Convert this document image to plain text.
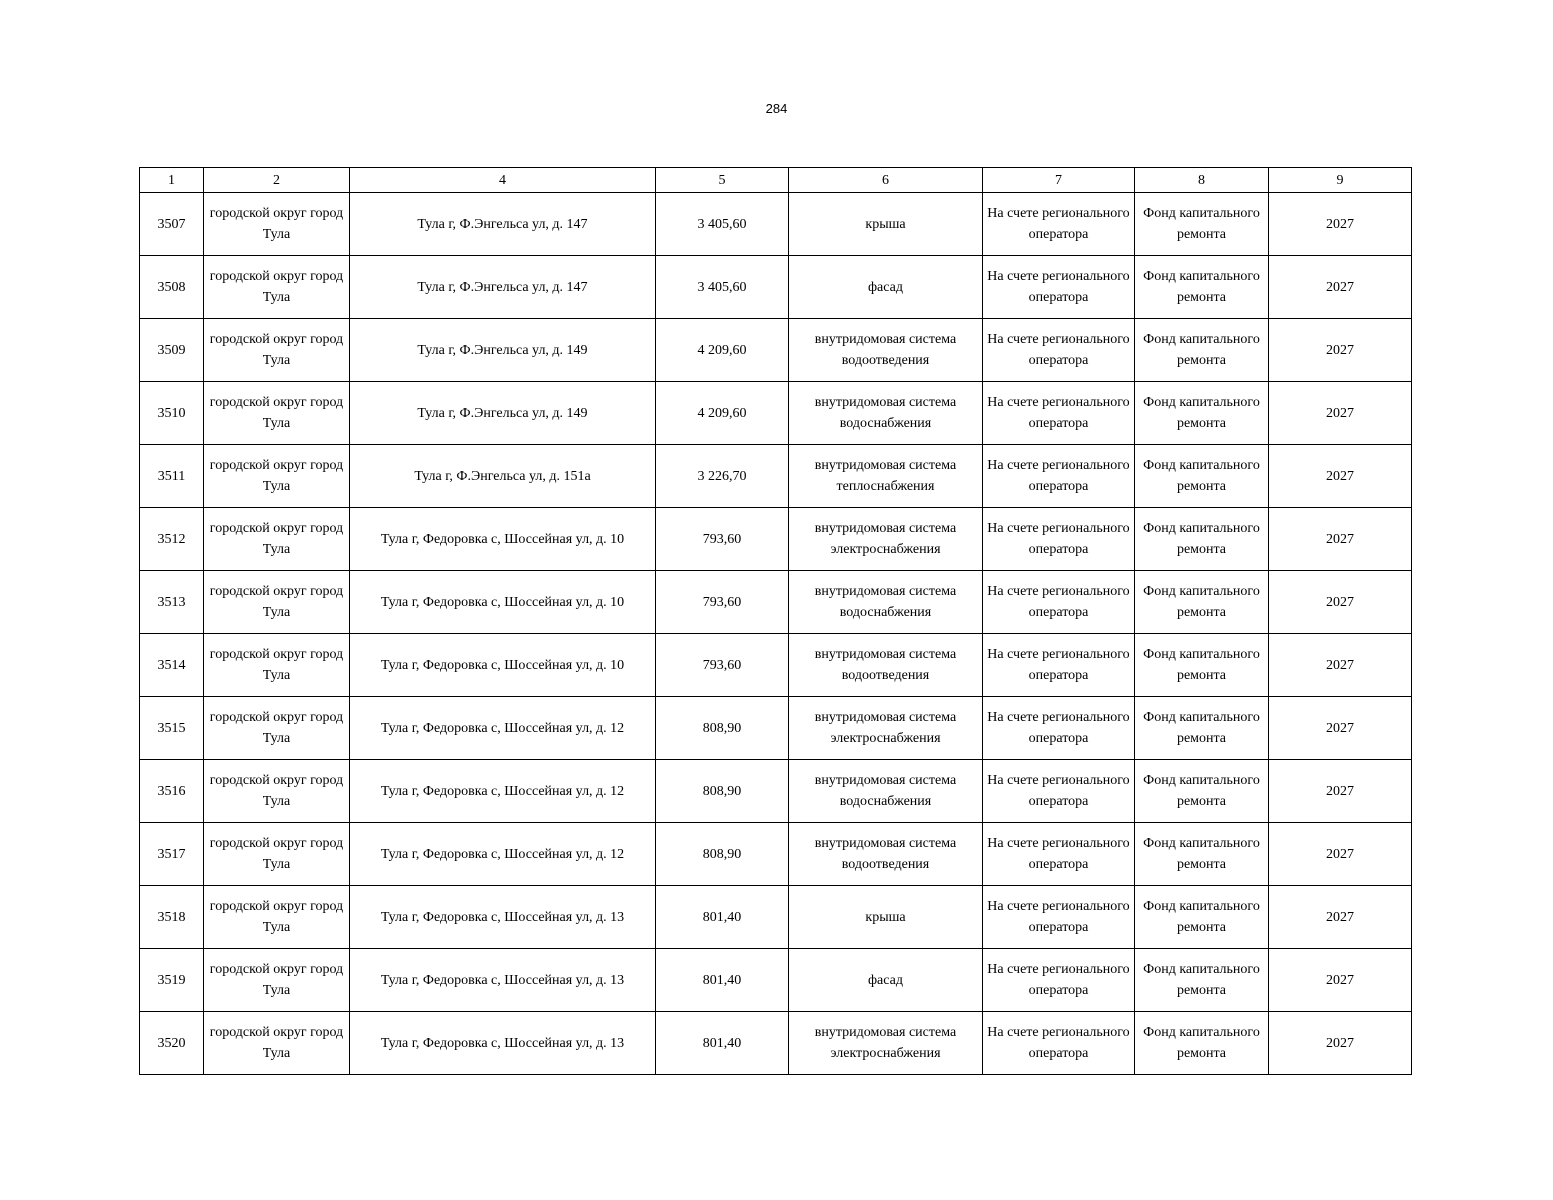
284
1	2	4	5	6	7	8	9
3507	городской округ город Тула	Тула г, Ф.Энгельса ул, д. 147	3 405,60	крыша	На счете регионального оператора	Фонд капитального ремонта	2027
3508	городской округ город Тула	Тула г, Ф.Энгельса ул, д. 147	3 405,60	фасад	На счете регионального оператора	Фонд капитального ремонта	2027
3509	городской округ город Тула	Тула г, Ф.Энгельса ул, д. 149	4 209,60	внутридомовая система водоотведения	На счете регионального оператора	Фонд капитального ремонта	2027
3510	городской округ город Тула	Тула г, Ф.Энгельса ул, д. 149	4 209,60	внутридомовая система водоснабжения	На счете регионального оператора	Фонд капитального ремонта	2027
3511	городской округ город Тула	Тула г, Ф.Энгельса ул, д. 151а	3 226,70	внутридомовая система теплоснабжения	На счете регионального оператора	Фонд капитального ремонта	2027
3512	городской округ город Тула	Тула г, Федоровка с, Шоссейная ул, д. 10	793,60	внутридомовая система электроснабжения	На счете регионального оператора	Фонд капитального ремонта	2027
3513	городской округ город Тула	Тула г, Федоровка с, Шоссейная ул, д. 10	793,60	внутридомовая система водоснабжения	На счете регионального оператора	Фонд капитального ремонта	2027
3514	городской округ город Тула	Тула г, Федоровка с, Шоссейная ул, д. 10	793,60	внутридомовая система водоотведения	На счете регионального оператора	Фонд капитального ремонта	2027
3515	городской округ город Тула	Тула г, Федоровка с, Шоссейная ул, д. 12	808,90	внутридомовая система электроснабжения	На счете регионального оператора	Фонд капитального ремонта	2027
3516	городской округ город Тула	Тула г, Федоровка с, Шоссейная ул, д. 12	808,90	внутридомовая система водоснабжения	На счете регионального оператора	Фонд капитального ремонта	2027
3517	городской округ город Тула	Тула г, Федоровка с, Шоссейная ул, д. 12	808,90	внутридомовая система водоотведения	На счете регионального оператора	Фонд капитального ремонта	2027
3518	городской округ город Тула	Тула г, Федоровка с, Шоссейная ул, д. 13	801,40	крыша	На счете регионального оператора	Фонд капитального ремонта	2027
3519	городской округ город Тула	Тула г, Федоровка с, Шоссейная ул, д. 13	801,40	фасад	На счете регионального оператора	Фонд капитального ремонта	2027
3520	городской округ город Тула	Тула г, Федоровка с, Шоссейная ул, д. 13	801,40	внутридомовая система электроснабжения	На счете регионального оператора	Фонд капитального ремонта	2027
